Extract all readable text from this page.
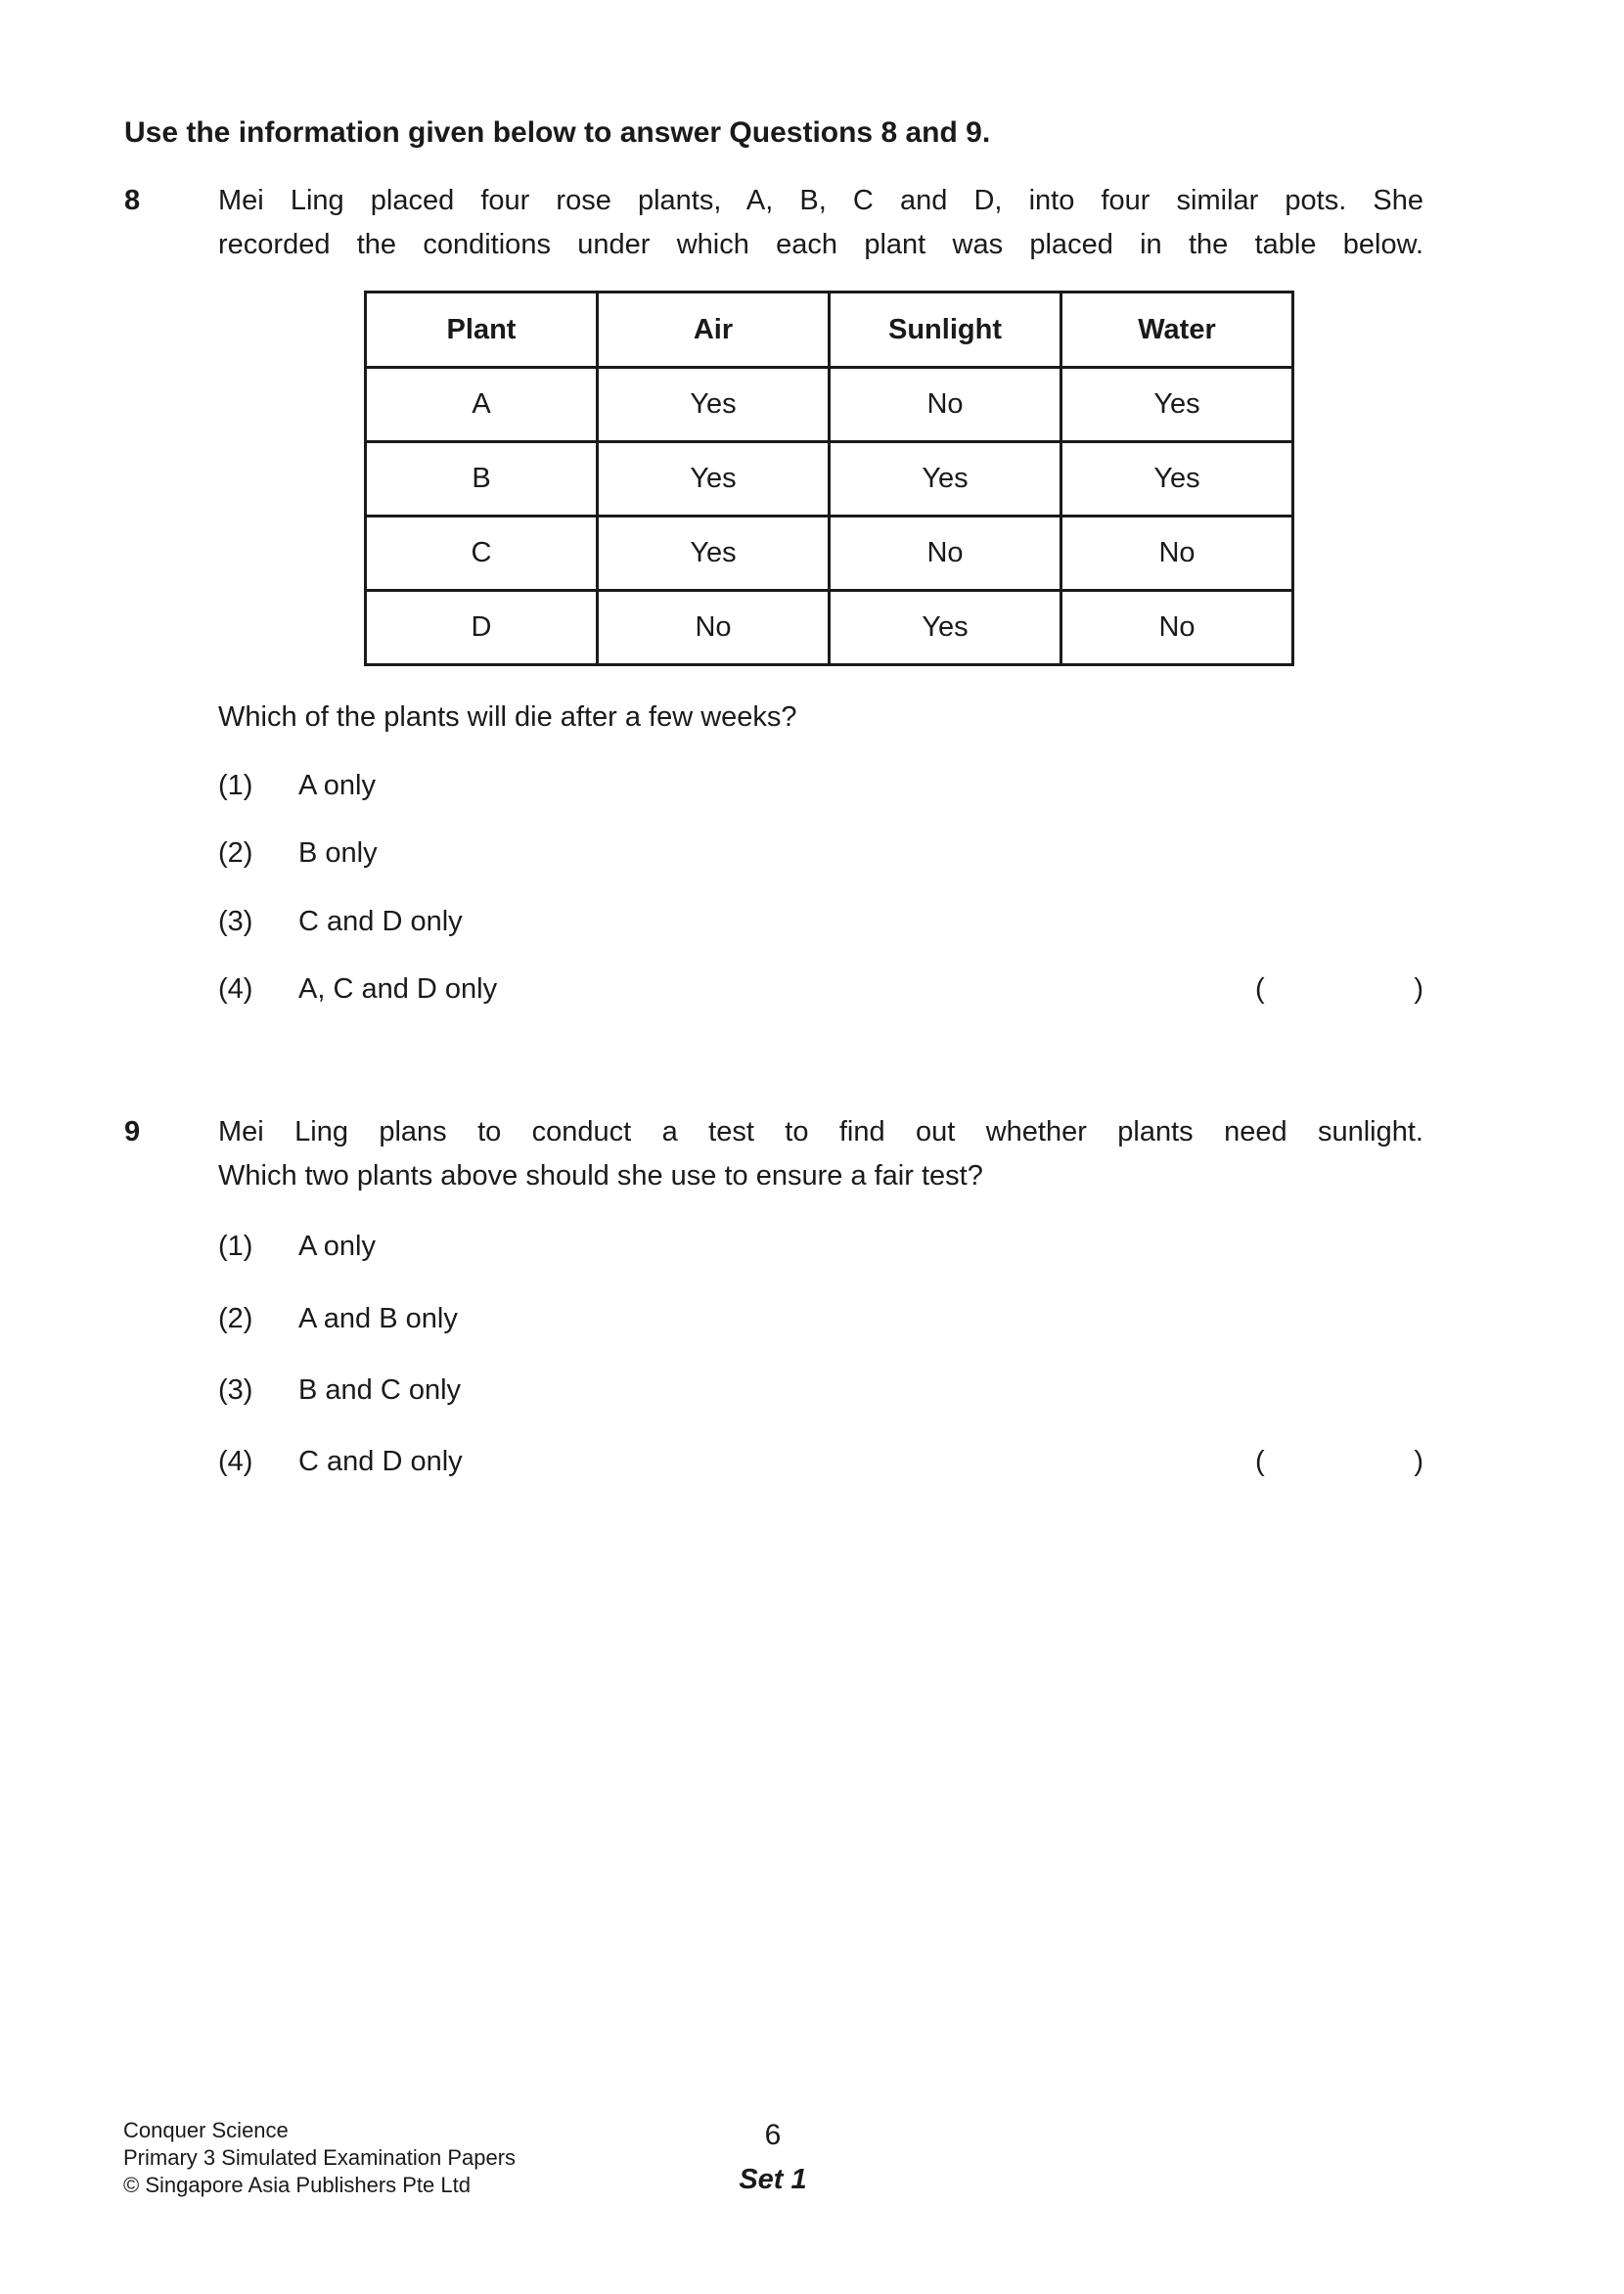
Use the information given below to answer Questions 8 and 9.
8	Mei Ling placed four rose plants, A, B, C and D, into four similar pots. She
recorded the conditions under which each plant was placed in the table below.
Plant	Air	Sunlight	Water
A	Yes	No	Yes
B	Yes	Yes	Yes
C	Yes	No	No
D	No	Yes	No
Which of the plants will die after a few weeks?
(1)	A only
(2)	B only
(3)	C and D only
(4)	A, C and D only	(	)
9	Mei Ling plans to conduct a test to find out whether plants need sunlight.
Which two plants above should she use to ensure a fair test?
(1)	A only
(2)	A and B only
(3)	B and C only
(4)	C and D only	(	)
Conquer Science
Primary 3 Simulated Examination Papers
© Singapore Asia Publishers Pte Ltd
6
Set 1
